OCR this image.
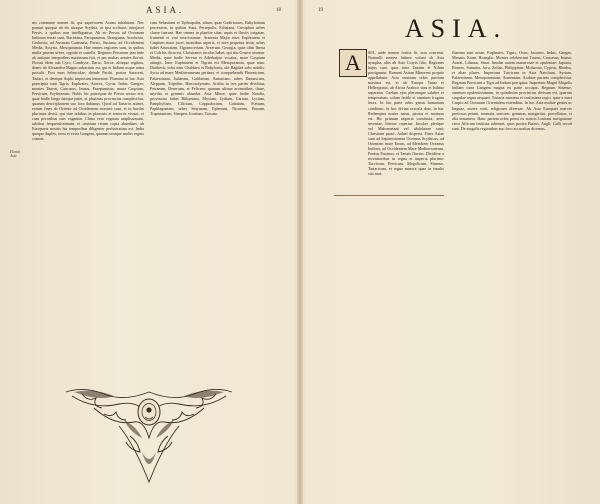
ASIA.	18
Floruit Asia.

nis commune nomen fit, qui superiorem Asiam inhabitant. Nec ponunt quoque ab eis utraque Scythia, ut ipsi scribunt; interjacet Persis, a quibus non intelliguntur. Ab eo Persas ad Oceanum Indicum terrae sunt, Bactriana, Paropamisus, Drangiana, Arachosia, Gedrosia; ad Austrum Carmania, Persis, Susiana; ad Occidentem Media, Assyria, Mesopotamia. Hae omnes regiones sunt, in quibus multa passim urbes, oppida et castella. Regnum Persarum jam inde ab antiquis temporibus maximum fuit, et per multas aetates floruit. Floruit idem sub Cyro, Cambyse, Dario, Xerxe, aliisque regibus, donec ab Alexandro Magno subactum est, qui et Indiam usque arma protulit. Post eum Seleucidae, deinde Parthi, postea Saraceni, Tartari, et denique Sophi imperium tenuerunt. Flumina in hac Asia praecipua sunt Tigris, Euphrates, Araxes, Cyrus, Indus, Ganges; montes Taurus, Caucasus, Imaus, Paropamisus; maria Caspium, Persicum, Erythraeum. Nobis hic praecipue de Persia sermo erit, quae hodie longe lateque patet, et plurimas provincias complectitur, quarum descriptionem suo loco dabimus. Quod ad Tartaros attinet, eorum fines ab Oriente ad Occidentem maximi sunt, et in hordas plurimas divisi, qui sine urbibus in plaustris et tentoriis vivunt, et cum pecoribus suis vagantur. China vero regnum amplissimum, urbibus frequentissimum, et omnium rerum copia abundans, ab Europaeis nostris his temporibus diligenter perlustratum est. India quoque duplex, intra et extra Gangem, quarum utraque multis regnis constat.

cum Sebastiam et Tiphrapolin, aliam, quae Gadiriorum, Babyloniam porrexerat, in quibus Susa, Persepolis, Ecbatana, Ctesiphon urbes clarae fuerunt. Hae omnes in planitie sitae, aquis et fluviis irrigatae, frumenti et vini feracissimae. Armenia Major inter Euphratem et Caspium mare jacet, montibus asperis, et nive perpetua tecta; urbes habet Artaxatam, Tigranocertam, Arzerum. Georgia, quae olim Iberia et Colchis dicta est, Christianos incolas habet, qui ritu Graeco utuntur. Media, quae hodie Servan et Aderbaijan vocatur, mare Caspium attingit. Inter Euphratem et Tigrim est Mesopotamia, quae nunc Diarbeck; infra eam Chaldaea et Babylonia, ubi Bagdad urbs nobilis. Syria ad mare Mediterraneum pertinet, et comprehendit Phoeniciam, Palaestinam, Judaeam, Galilaeam, Samariam; urbes Damascum, Aleppum, Tripolim, Hierosolymam. Arabia in tres partes dividitur, Petraeam, Desertam, et Felicem; quarum ultima aromatibus, thure, myrrha et gemmis abundat. Asia Minor, quae hodie Natolia, provincias habet Bithyniam, Mysiam, Lydiam, Cariam, Lyciam, Pamphyliam, Ciliciam, Cappadociam, Galatiam, Pontum, Paphlagoniam; urbes Smyrnam, Ephesum, Nicaeam, Prusam, Trapezuntem, Sinopen, Iconium, Tarsum.

19
ASIA.
A	SIA, unde nomen fortita fit, non convenit. Nonnulli nomen habere volunt ab Asia nympha, aliis ab Asio Cotyis filio. Regiones hujus sunt, quas intra Tanaim et Nilum porriguntur. Romani Asiam Minorem proprie appellabant. Asia omnium orbis partium maxima est, et ab Europa Tanai et Hellesponto, ab Africa Arabico sinu et Isthmo separatur. Caelum ejus plerumque salubre et temperatum, solum fertile et omnium frugum ferax. In hac parte orbis genus humanum conditum, in hac divina oracula data, in hac Redemptor noster natus, passus et mortuus est. Hic primum imperia constituta, artes inventae, litterae repertae. Incolae plerique vel Mahometani vel idololatrae sunt; Christiani pauci, Judaei dispersi. Fines Asiae sunt ad Septentrionem Oceanus Scythicus, ad Orientem mare Eoum, ad Meridiem Oceanus Indicus, ad Occidentem Mare Mediterraneum, Pontus Euxinus, et Tanais fluvius. Dividitur a recentioribus in regna et imperia plurima: Turcicum, Persicum, Mogolicum, Sinense, Tartaricum, et regna minora quae in insulis sita sunt.

flumina sunt notae, Euphrates, Tigris, Oxus, Jaxartes, Indus, Ganges, Menam, Kiam, Hoangho. Montes celeberrimi Taurus, Caucasus, Imaus, Ararat, Libanus, Sinai. Insulae autem numerosae et opulentae: Japonia, Borneo, Sumatra, Java, Zeilan, Philippinae, Moluccae, Cyprus, Rhodus, et aliae plures. Imperium Turcicum in Asia Natoliam, Syriam, Palaestinam, Mesopotamiam, Armeniam, Arabiae partem complectitur. Regnum Persicum a Tigri ad Indum porrigitur. Imperium Magni Mogolis Indiam intra Gangem magna ex parte occupat. Regnum Sinense, omnium opulentissimum, in quindecim provincias divisum est, quarum singulae regna aequant. Tartaria maxima et vastissima regio, quae a mari Caspio ad Oceanum Orientalem extenditur. In hac Asia multae gentes ac linguae, mores varii, religiones diversae. Ab Asia Europaei merces pretiosas petunt, aromata, sericum, gemmas, margaritas, porcellanas, et alia innumera. Hanc partem orbis primi ex nostris Lusitani navigatione circa Africam instituta adierunt, quos postea Batavi, Angli, Galli secuti sunt. De singulis regionibus suo loco accuratius dicemus.
